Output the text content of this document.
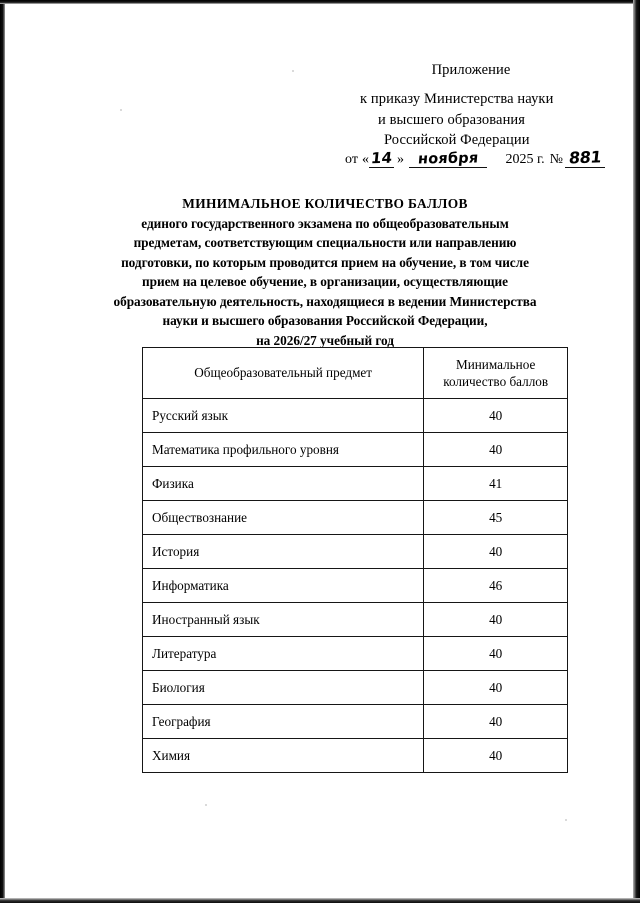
Приложение
к приказу Министерства науки
и высшего образования
Российской Федерации
от « 14 » ноября	2025 г. № 881
МИНИМАЛЬНОЕ КОЛИЧЕСТВО БАЛЛОВ
единого государственного экзамена по общеобразовательным
предметам, соответствующим специальности или направлению
подготовки, по которым проводится прием на обучение, в том числе
прием на целевое обучение, в организации, осуществляющие
образовательную деятельность, находящиеся в ведении Министерства
науки и высшего образования Российской Федерации,
на 2026/27 учебный год
Общеобразовательный предмет	Минимальное количество баллов
Русский язык	40
Математика профильного уровня	40
Физика	41
Обществознание	45
История	40
Информатика	46
Иностранный язык	40
Литература	40
Биология	40
География	40
Химия	40
